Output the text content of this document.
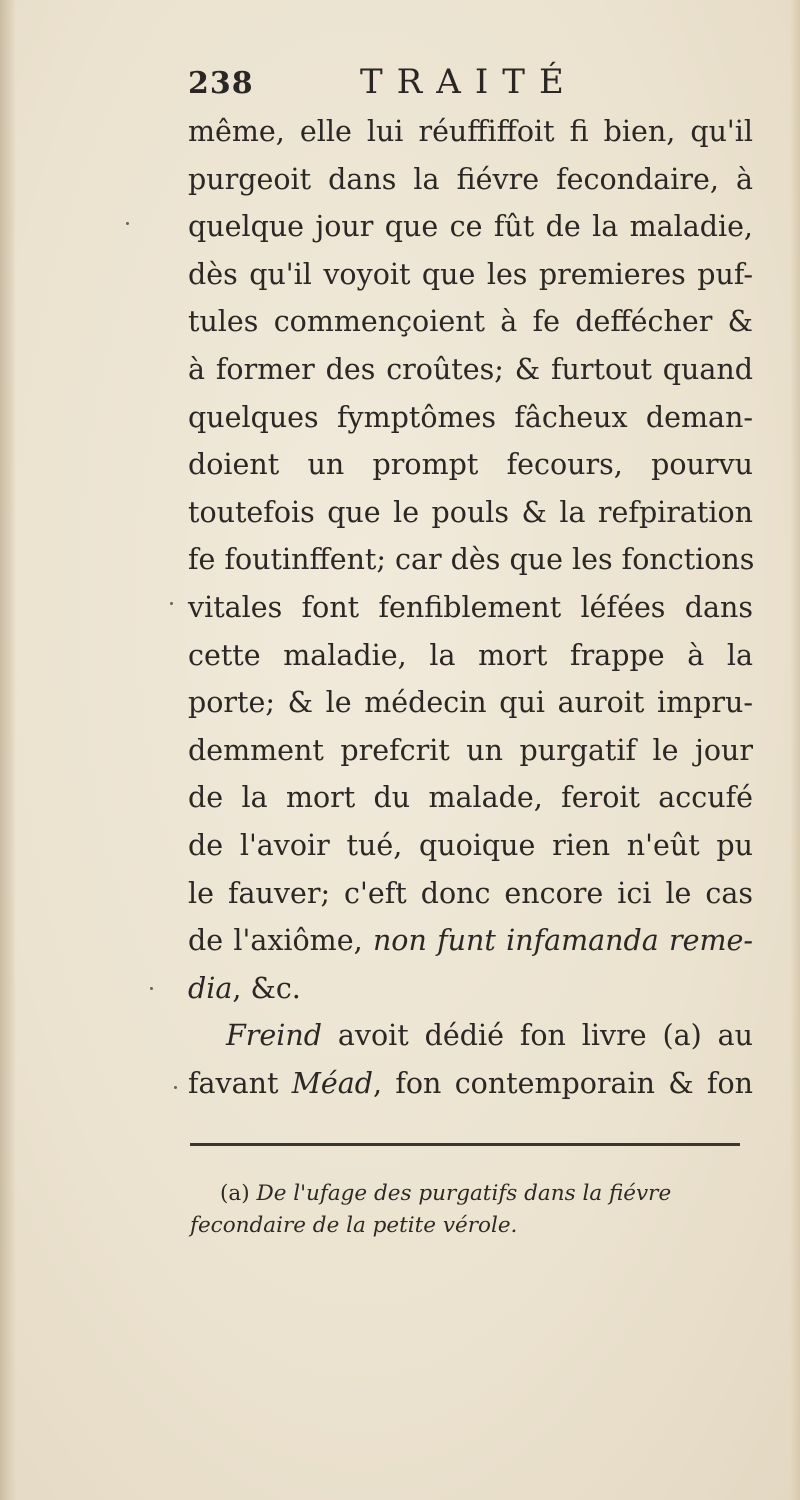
238	TRAITÉ
même, elle lui réuffiffoit fi bien, qu'il
purgeoit dans la fiévre fecondaire, à
quelque jour que ce fût de la maladie,
dès qu'il voyoit que les premieres puf-
tules commençoient à fe deffécher &
à former des croûtes; & furtout quand
quelques fymptômes fâcheux deman-
doient un prompt fecours, pourvu
toutefois que le pouls & la refpiration
fe foutinffent; car dès que les fonctions
vitales font fenfiblement léfées dans
cette maladie, la mort frappe à la
porte; & le médecin qui auroit impru-
demment prefcrit un purgatif le jour
de la mort du malade, feroit accufé
de l'avoir tué, quoique rien n'eût pu
le fauver; c'eft donc encore ici le cas
de l'axiôme, non funt infamanda reme-
dia, &c.
Freind avoit dédié fon livre (a) au
favant Méad, fon contemporain & fon
(a) De l'ufage des purgatifs dans la fiévre
fecondaire de la petite vérole.
